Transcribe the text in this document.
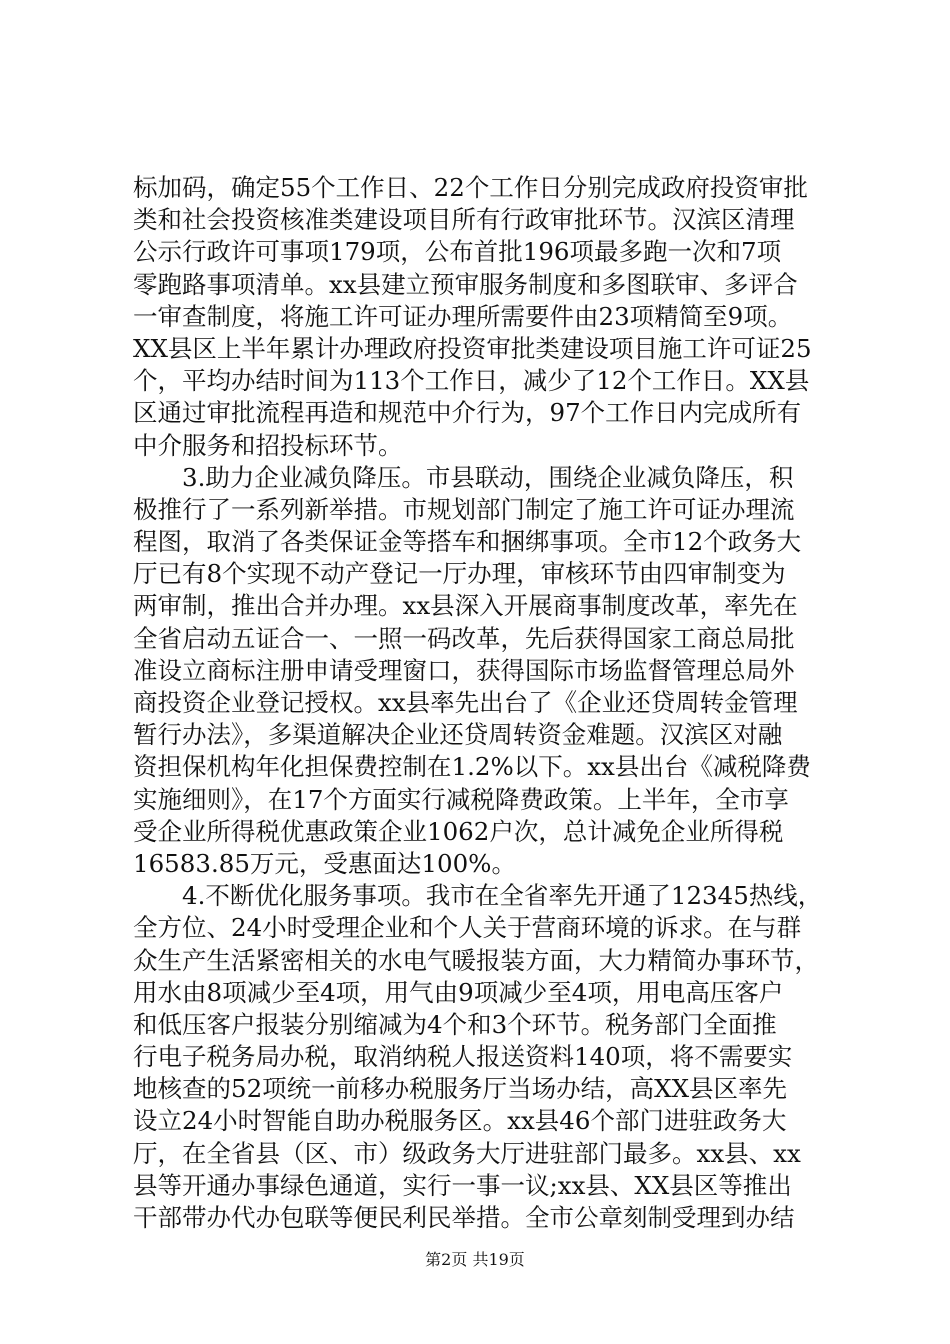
标加码，确定55个工作日、22个工作日分别完成政府投资审批
类和社会投资核准类建设项目所有行政审批环节。汉滨区清理
公示行政许可事项179项，公布首批196项最多跑一次和7项
零跑路事项清单。xx县建立预审服务制度和多图联审、多评合
一审查制度，将施工许可证办理所需要件由23项精简至9项。
XX县区上半年累计办理政府投资审批类建设项目施工许可证25
个，平均办结时间为113个工作日，减少了12个工作日。XX县
区通过审批流程再造和规范中介行为，97个工作日内完成所有
中介服务和招投标环节。
　　3.助力企业减负降压。市县联动，围绕企业减负降压，积
极推行了一系列新举措。市规划部门制定了施工许可证办理流
程图，取消了各类保证金等搭车和捆绑事项。全市12个政务大
厅已有8个实现不动产登记一厅办理，审核环节由四审制变为
两审制，推出合并办理。xx县深入开展商事制度改革，率先在
全省启动五证合一、一照一码改革，先后获得国家工商总局批
准设立商标注册申请受理窗口，获得国际市场监督管理总局外
商投资企业登记授权。xx县率先出台了《企业还贷周转金管理
暂行办法》，多渠道解决企业还贷周转资金难题。汉滨区对融
资担保机构年化担保费控制在1.2%以下。xx县出台《减税降费
实施细则》，在17个方面实行减税降费政策。上半年，全市享
受企业所得税优惠政策企业1062户次，总计减免企业所得税
16583.85万元，受惠面达100%。
　　4.不断优化服务事项。我市在全省率先开通了12345热线，
全方位、24小时受理企业和个人关于营商环境的诉求。在与群
众生产生活紧密相关的水电气暖报装方面，大力精简办事环节，
用水由8项减少至4项，用气由9项减少至4项，用电高压客户
和低压客户报装分别缩减为4个和3个环节。税务部门全面推
行电子税务局办税，取消纳税人报送资料140项，将不需要实
地核查的52项统一前移办税服务厅当场办结，高XX县区率先
设立24小时智能自助办税服务区。xx县46个部门进驻政务大
厅，在全省县（区、市）级政务大厅进驻部门最多。xx县、xx
县等开通办事绿色通道，实行一事一议;xx县、XX县区等推出
干部带办代办包联等便民利民举措。全市公章刻制受理到办结
第2页 共19页
